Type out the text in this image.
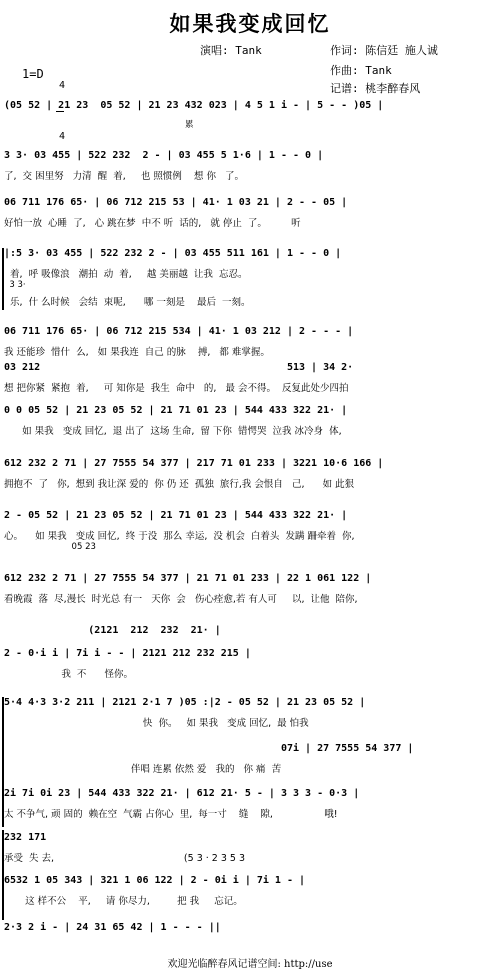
如果我变成回忆
演唱: Tank	作词: 陈信廷 施人诚
作曲: Tank
记谱: 桃李醉春风
1=D

4

4

(05 52 | 21 23  05 52 | 21 23 432 023 | 4 5 1 i - | 5 - - )05 |
累
3 3· 03 455 | 522 232  2 - | 03 455 5 1·6 | 1 - - 0 |
了,  交 困里努   力清  醒  着,     也 照惯例    想 你   了。
06 711 176 65· | 06 712 215 53 | 41· 1 03 21 | 2 - - 05 |
好怕一放  心睡  了,   心 跳在梦  中不 听  话的,   就 停止  了。        听
|:5 3· 03 455 | 522 232 2 - | 03 455 511 161 | 1 - - 0 |
着,  呼 吸像浪   潮拍  动  着,     越 美丽越  让我  忘忍。
3 3·
乐,  什 么时候   会结  束呢,      哪 一刻是    最后  一刻。
06 711 176 65· | 06 712 215 534 | 41· 1 03 212 | 2 - - - |
我 还能珍  惜什  么,   如 果我连  自己 的脉    搏,   都 难掌握。
03 212                                         513 | 34 2·
想 把你紧  紧抱  着,     可 知你是  我生  命中   的,   最 会不得。  反复此处少四拍
0 0 05 52 | 21 23 05 52 | 21 71 01 23 | 544 433 322 21· |
如 果我   变成 回忆,  退 出了  这场 生命,  留 下你  错愕哭  泣我 冰冷身  体,
612 232 2 71 | 27 7555 54 377 | 217 71 01 233 | 3221 10·6 166 |
拥抱不  了   你,  想到 我让深 爱的  你 仍 还  孤独  旅行,我 会恨自   己,      如 此狠
2 - 05 52 | 21 23 05 52 | 21 71 01 23 | 544 433 322 21· |
心。    如 果我   变成 回忆,  终 于没  那么 幸运,  没 机会  白着头  发蹒 跚牵着  你,
05 23
612 232 2 71 | 27 7555 54 377 | 21 71 01 233 | 22 1 061 122 |
看晚霞  落  尽,漫长  时光总 有一   天你  会   伤心痊愈,若 有人可     以,  让他  陪你,
(2121  212  232  21· |
2 - 0·i i | 7i i - - | 2121 212 232 215 |
我  不      怪你。
5·4 4·3 3·2 211 | 2121 2·1 7 )05 :|2 - 05 52 | 21 23 05 52 |
快  你。   如 果我   变成 回忆,  最 怕我
07i | 27 7555 54 377 |
伴唱 连累 依然 爱   我的   你 痛  苦
2i 7i 0i 23 | 544 433 322 21· | 612 21· 5 - | 3 3 3 - 0·3 |
太 不争气, 顽 固的  赖在空  气霸 占你心  里,  每一寸    缝    隙,                 哦!
232 171
承受  失 去,                                           (5 3 · 2 3 5 3
6532 1 05 343 | 321 1 06 122 | 2 - 0i i | 7i 1 - |
这 样不公    平,     请 你尽力,         把 我     忘记。
2·3 2 i - | 24 31 65 42 | 1 - - - ||
欢迎光临醉春风记谱空间: http://use
